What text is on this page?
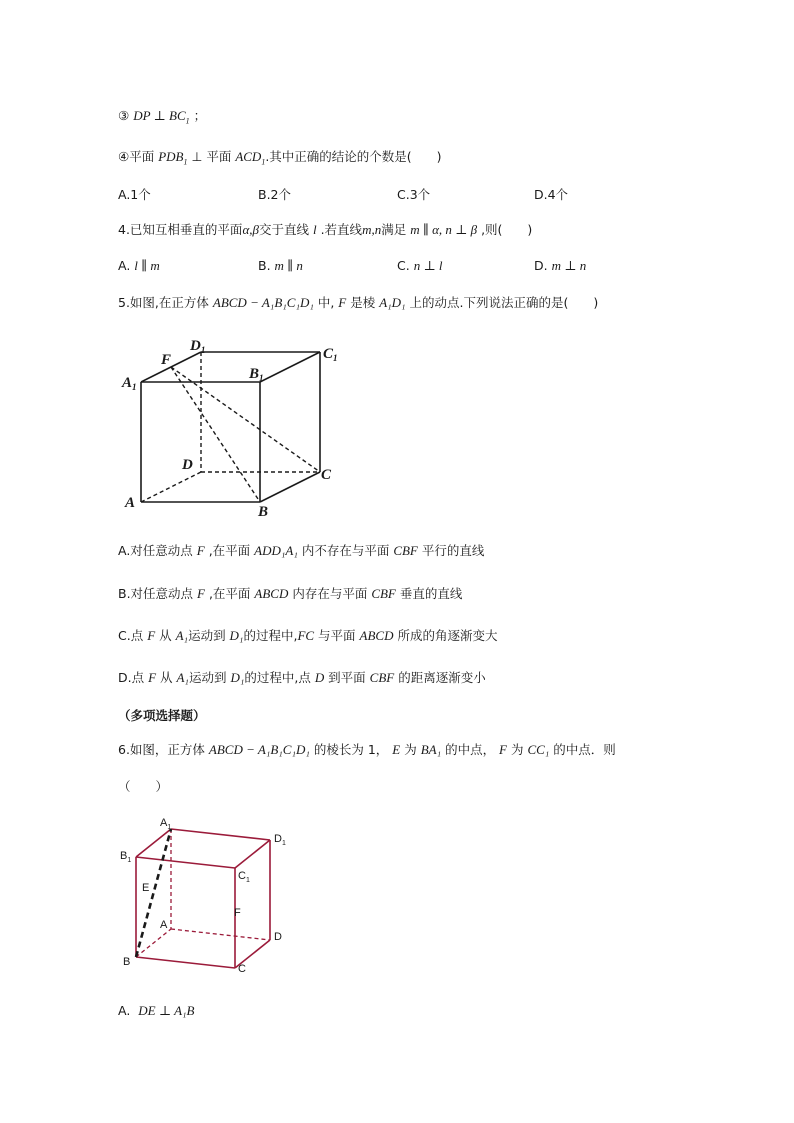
③ DP ⊥ $BC_1$ ；
④平面 $PDB_1$ ⊥ 平面 $ACD_1$.其中正确的结论的个数是(　　)
A.1个	B.2个	C.3个	D.4个
4.已知互相垂直的平面α,β交于直线 l .若直线m,n满足 m ∥ α, n ⊥ β ,则(　　)
A. l ∥ m	B. m ∥ n	C. n ⊥ l	D. m ⊥ n
5.如图,在正方体 ABCD − A₁B₁C₁D₁ 中, F 是棱 A₁D₁ 上的动点.下列说法正确的是(　　)
$D_1$	$C_1$
F
$A_1$
$B_1$
D
C
A
B
A.对任意动点 F ,在平面 ADD₁A₁ 内不存在与平面 CBF 平行的直线
B.对任意动点 F ,在平面 ABCD 内存在与平面 CBF 垂直的直线
C.点 F 从 A₁运动到 D₁的过程中,FC 与平面 ABCD 所成的角逐渐变大
D.点 F 从 A₁运动到 D₁的过程中,点 D 到平面 CBF 的距离逐渐变小
（多项选择题）
6.如图，正方体 ABCD − A₁B₁C₁D₁ 的棱长为 1， E 为 BA₁ 的中点， F 为 CC₁ 的中点．则
（　　）
$A_1$
$D_1$
$B_1$
$C_1$
E
F
A
D
B
C
A. DE ⊥ A₁B
